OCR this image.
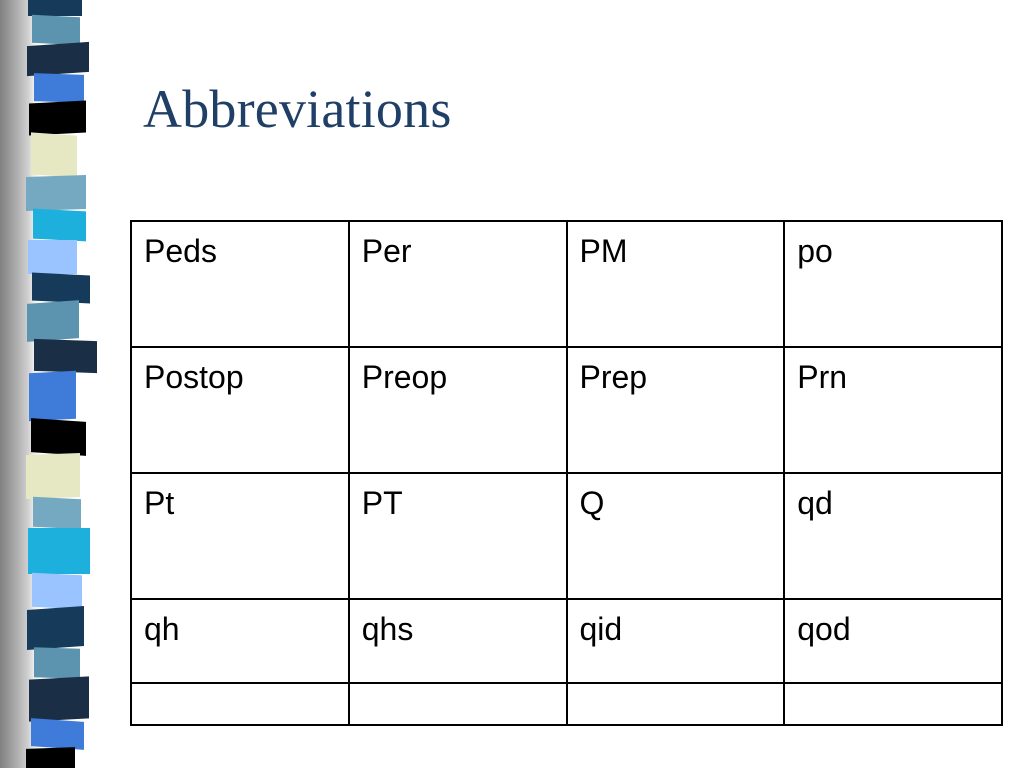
Abbreviations
Peds	Per	PM	po
Postop	Preop	Prep	Prn
Pt	PT	Q	qd
qh	qhs	qid	qod
